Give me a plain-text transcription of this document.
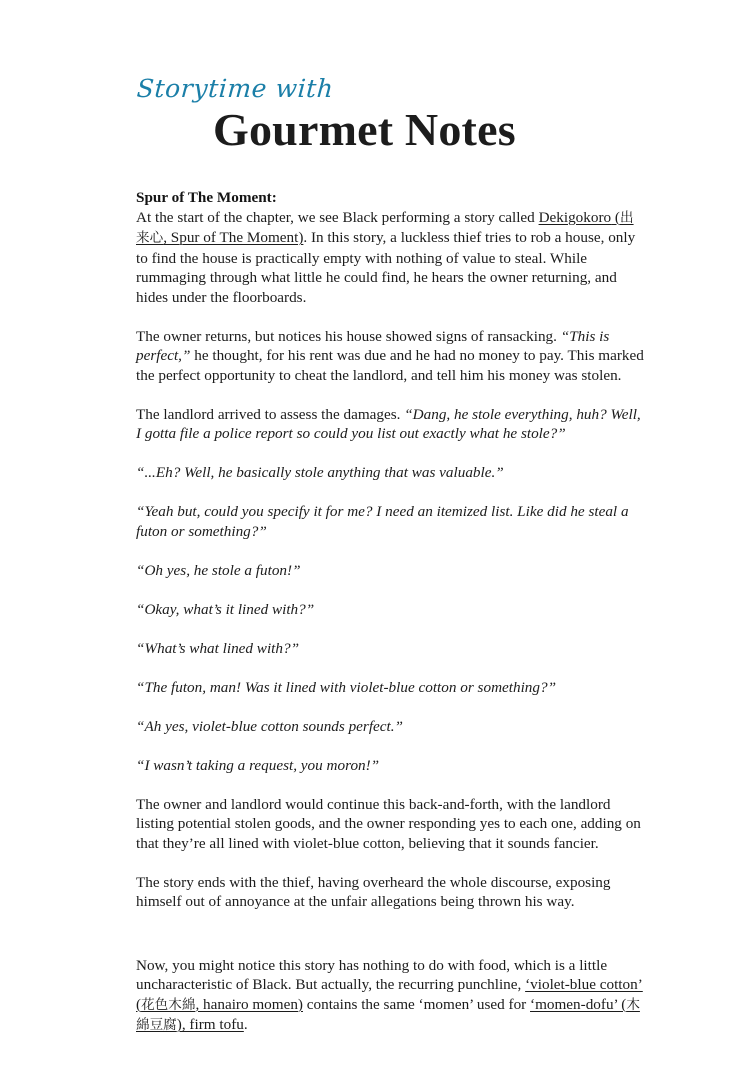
Storytime with
Gourmet Notes
Spur of The Moment:

At the start of the chapter, we see Black performing a story called Dekigokoro (出来心, Spur of The Moment). In this story, a luckless thief tries to rob a house, only to find the house is practically empty with nothing of value to steal. While rummaging through what little he could find, he hears the owner returning, and hides under the floorboards.

The owner returns, but notices his house showed signs of ransacking. “This is perfect,” he thought, for his rent was due and he had no money to pay. This marked the perfect opportunity to cheat the landlord, and tell him his money was stolen.

The landlord arrived to assess the damages. “Dang, he stole everything, huh? Well, I gotta file a police report so could you list out exactly what he stole?”

“...Eh? Well, he basically stole anything that was valuable.”

“Yeah but, could you specify it for me? I need an itemized list. Like did he steal a futon or something?”

“Oh yes, he stole a futon!”

“Okay, what’s it lined with?”

“What’s what lined with?”

“The futon, man! Was it lined with violet-blue cotton or something?”

“Ah yes, violet-blue cotton sounds perfect.”

“I wasn’t taking a request, you moron!”

The owner and landlord would continue this back-and-forth, with the landlord listing potential stolen goods, and the owner responding yes to each one, adding on that they’re all lined with violet-blue cotton, believing that it sounds fancier.

The story ends with the thief, having overheard the whole discourse, exposing himself out of annoyance at the unfair allegations being thrown his way.

Now, you might notice this story has nothing to do with food, which is a little uncharacteristic of Black. But actually, the recurring punchline, ‘violet-blue cotton’ (花色木綿, hanairo momen) contains the same ‘momen’ used for ‘momen-dofu’ (木綿豆腐), firm tofu.
